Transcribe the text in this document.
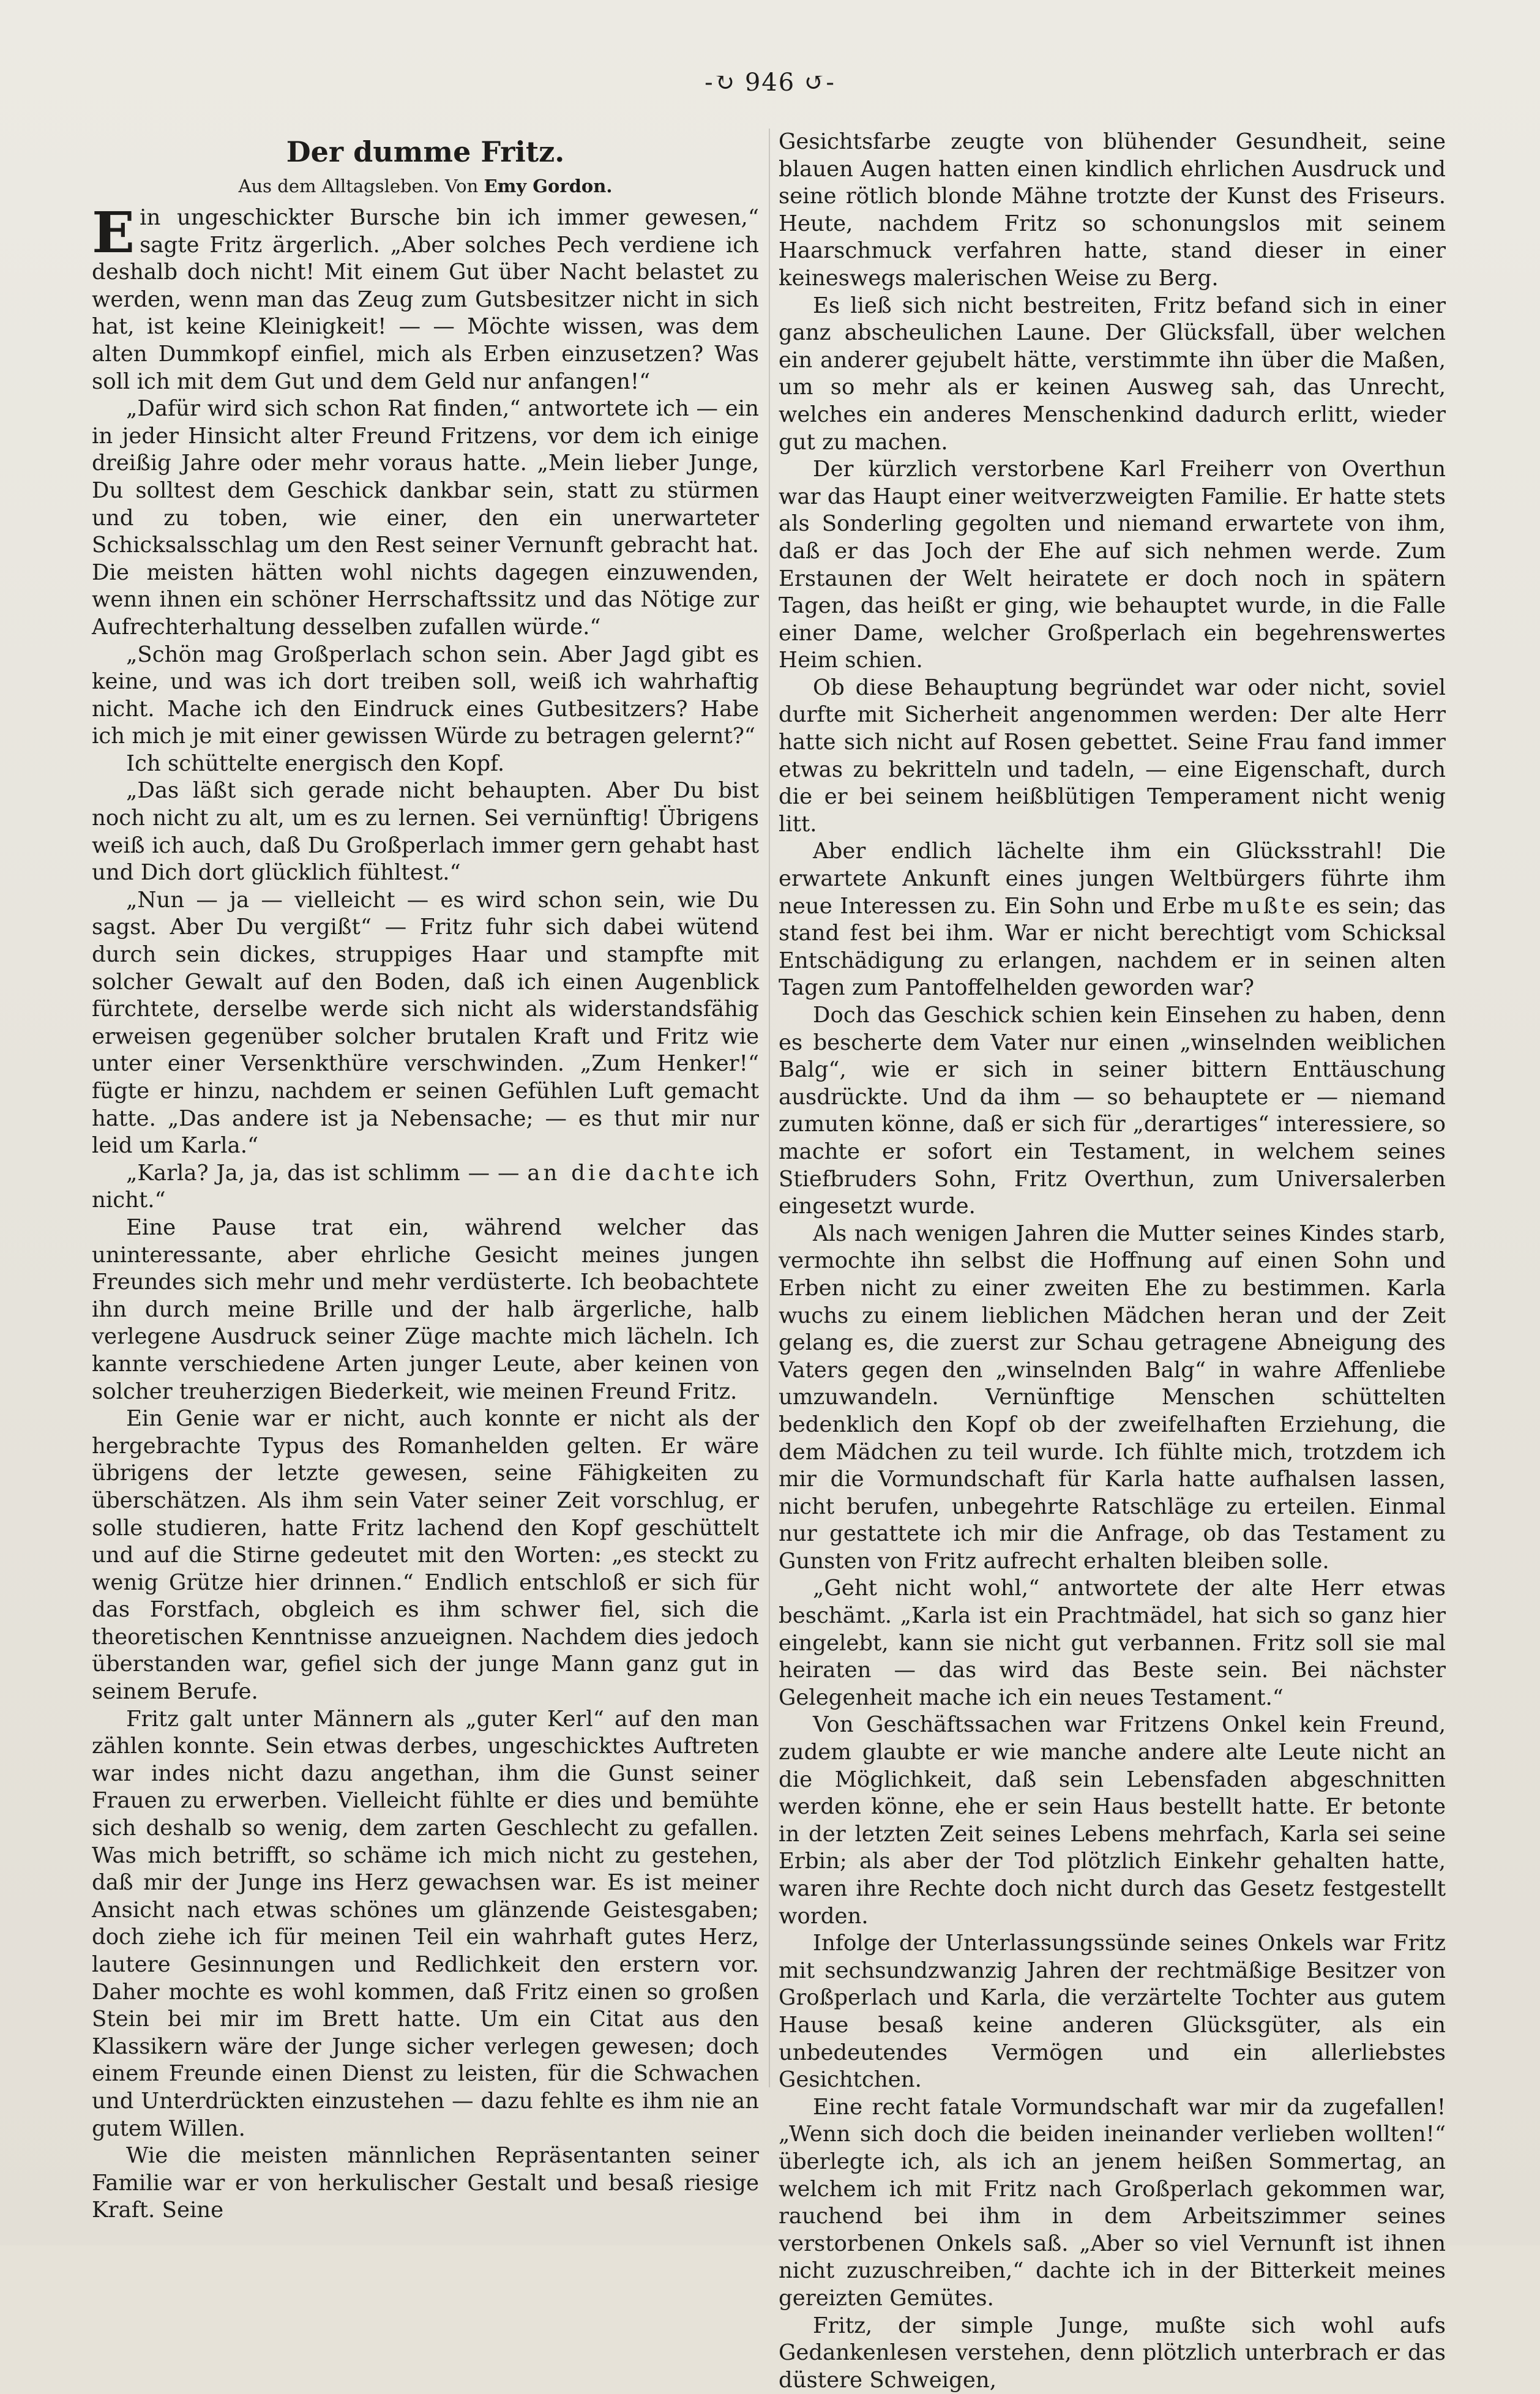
-↻ 946 ↺-
Der dumme Fritz.
Aus dem Alltagsleben. Von Emy Gordon.

Ein ungeschickter Bursche bin ich immer gewesen,“ sagte Fritz ärgerlich. „Aber solches Pech verdiene ich deshalb doch nicht! Mit einem Gut über Nacht belastet zu werden, wenn man das Zeug zum Gutsbesitzer nicht in sich hat, ist keine Kleinigkeit! — — Möchte wissen, was dem alten Dummkopf einfiel, mich als Erben einzusetzen? Was soll ich mit dem Gut und dem Geld nur anfangen!“

„Dafür wird sich schon Rat finden,“ antwortete ich — ein in jeder Hinsicht alter Freund Fritzens, vor dem ich einige dreißig Jahre oder mehr voraus hatte. „Mein lieber Junge, Du solltest dem Geschick dankbar sein, statt zu stürmen und zu toben, wie einer, den ein unerwarteter Schicksalsschlag um den Rest seiner Vernunft gebracht hat. Die meisten hätten wohl nichts dagegen einzuwenden, wenn ihnen ein schöner Herrschaftssitz und das Nötige zur Aufrechterhaltung desselben zufallen würde.“

„Schön mag Großperlach schon sein. Aber Jagd gibt es keine, und was ich dort treiben soll, weiß ich wahrhaftig nicht. Mache ich den Eindruck eines Gutbesitzers? Habe ich mich je mit einer gewissen Würde zu betragen gelernt?“

Ich schüttelte energisch den Kopf.

„Das läßt sich gerade nicht behaupten. Aber Du bist noch nicht zu alt, um es zu lernen. Sei vernünftig! Übrigens weiß ich auch, daß Du Großperlach immer gern gehabt hast und Dich dort glücklich fühltest.“

„Nun — ja — vielleicht — es wird schon sein, wie Du sagst. Aber Du vergißt“ — Fritz fuhr sich dabei wütend durch sein dickes, struppiges Haar und stampfte mit solcher Gewalt auf den Boden, daß ich einen Augenblick fürchtete, derselbe werde sich nicht als widerstandsfähig erweisen gegenüber solcher brutalen Kraft und Fritz wie unter einer Versenkthüre verschwinden. „Zum Henker!“ fügte er hinzu, nachdem er seinen Gefühlen Luft gemacht hatte. „Das andere ist ja Nebensache; — es thut mir nur leid um Karla.“

„Karla? Ja, ja, das ist schlimm — — an die dachte ich nicht.“

Eine Pause trat ein, während welcher das uninteressante, aber ehrliche Gesicht meines jungen Freundes sich mehr und mehr verdüsterte. Ich beobachtete ihn durch meine Brille und der halb ärgerliche, halb verlegene Ausdruck seiner Züge machte mich lächeln. Ich kannte verschiedene Arten junger Leute, aber keinen von solcher treuherzigen Biederkeit, wie meinen Freund Fritz.

Ein Genie war er nicht, auch konnte er nicht als der hergebrachte Typus des Romanhelden gelten. Er wäre übrigens der letzte gewesen, seine Fähigkeiten zu überschätzen. Als ihm sein Vater seiner Zeit vorschlug, er solle studieren, hatte Fritz lachend den Kopf geschüttelt und auf die Stirne gedeutet mit den Worten: „es steckt zu wenig Grütze hier drinnen.“ Endlich entschloß er sich für das Forstfach, obgleich es ihm schwer fiel, sich die theoretischen Kenntnisse anzueignen. Nachdem dies jedoch überstanden war, gefiel sich der junge Mann ganz gut in seinem Berufe.

Fritz galt unter Männern als „guter Kerl“ auf den man zählen konnte. Sein etwas derbes, ungeschicktes Auftreten war indes nicht dazu angethan, ihm die Gunst seiner Frauen zu erwerben. Vielleicht fühlte er dies und bemühte sich deshalb so wenig, dem zarten Geschlecht zu gefallen. Was mich betrifft, so schäme ich mich nicht zu gestehen, daß mir der Junge ins Herz gewachsen war. Es ist meiner Ansicht nach etwas schönes um glänzende Geistesgaben; doch ziehe ich für meinen Teil ein wahrhaft gutes Herz, lautere Gesinnungen und Redlichkeit den erstern vor. Daher mochte es wohl kommen, daß Fritz einen so großen Stein bei mir im Brett hatte. Um ein Citat aus den Klassikern wäre der Junge sicher verlegen gewesen; doch einem Freunde einen Dienst zu leisten, für die Schwachen und Unterdrückten einzustehen — dazu fehlte es ihm nie an gutem Willen.

Wie die meisten männlichen Repräsentanten seiner Familie war er von herkulischer Gestalt und besaß riesige Kraft. Seine

Gesichtsfarbe zeugte von blühender Gesundheit, seine blauen Augen hatten einen kindlich ehrlichen Ausdruck und seine rötlich blonde Mähne trotzte der Kunst des Friseurs. Heute, nachdem Fritz so schonungslos mit seinem Haarschmuck verfahren hatte, stand dieser in einer keineswegs malerischen Weise zu Berg.

Es ließ sich nicht bestreiten, Fritz befand sich in einer ganz abscheulichen Laune. Der Glücksfall, über welchen ein anderer gejubelt hätte, verstimmte ihn über die Maßen, um so mehr als er keinen Ausweg sah, das Unrecht, welches ein anderes Menschenkind dadurch erlitt, wieder gut zu machen.

Der kürzlich verstorbene Karl Freiherr von Overthun war das Haupt einer weitverzweigten Familie. Er hatte stets als Sonderling gegolten und niemand erwartete von ihm, daß er das Joch der Ehe auf sich nehmen werde. Zum Erstaunen der Welt heiratete er doch noch in spätern Tagen, das heißt er ging, wie behauptet wurde, in die Falle einer Dame, welcher Großperlach ein begehrenswertes Heim schien.

Ob diese Behauptung begründet war oder nicht, soviel durfte mit Sicherheit angenommen werden: Der alte Herr hatte sich nicht auf Rosen gebettet. Seine Frau fand immer etwas zu bekritteln und tadeln, — eine Eigenschaft, durch die er bei seinem heißblütigen Temperament nicht wenig litt.

Aber endlich lächelte ihm ein Glücksstrahl! Die erwartete Ankunft eines jungen Weltbürgers führte ihm neue Interessen zu. Ein Sohn und Erbe mußte es sein; das stand fest bei ihm. War er nicht berechtigt vom Schicksal Entschädigung zu erlangen, nachdem er in seinen alten Tagen zum Pantoffelhelden geworden war?

Doch das Geschick schien kein Einsehen zu haben, denn es bescherte dem Vater nur einen „winselnden weiblichen Balg“, wie er sich in seiner bittern Enttäuschung ausdrückte. Und da ihm — so behauptete er — niemand zumuten könne, daß er sich für „derartiges“ interessiere, so machte er sofort ein Testament, in welchem seines Stiefbruders Sohn, Fritz Overthun, zum Universalerben eingesetzt wurde.

Als nach wenigen Jahren die Mutter seines Kindes starb, vermochte ihn selbst die Hoffnung auf einen Sohn und Erben nicht zu einer zweiten Ehe zu bestimmen. Karla wuchs zu einem lieblichen Mädchen heran und der Zeit gelang es, die zuerst zur Schau getragene Abneigung des Vaters gegen den „winselnden Balg“ in wahre Affenliebe umzuwandeln. Vernünftige Menschen schüttelten bedenklich den Kopf ob der zweifelhaften Erziehung, die dem Mädchen zu teil wurde. Ich fühlte mich, trotzdem ich mir die Vormundschaft für Karla hatte aufhalsen lassen, nicht berufen, unbegehrte Ratschläge zu erteilen. Einmal nur gestattete ich mir die Anfrage, ob das Testament zu Gunsten von Fritz aufrecht erhalten bleiben solle.

„Geht nicht wohl,“ antwortete der alte Herr etwas beschämt. „Karla ist ein Prachtmädel, hat sich so ganz hier eingelebt, kann sie nicht gut verbannen. Fritz soll sie mal heiraten — das wird das Beste sein. Bei nächster Gelegenheit mache ich ein neues Testament.“

Von Geschäftssachen war Fritzens Onkel kein Freund, zudem glaubte er wie manche andere alte Leute nicht an die Möglichkeit, daß sein Lebensfaden abgeschnitten werden könne, ehe er sein Haus bestellt hatte. Er betonte in der letzten Zeit seines Lebens mehrfach, Karla sei seine Erbin; als aber der Tod plötzlich Einkehr gehalten hatte, waren ihre Rechte doch nicht durch das Gesetz festgestellt worden.

Infolge der Unterlassungssünde seines Onkels war Fritz mit sechsundzwanzig Jahren der rechtmäßige Besitzer von Großperlach und Karla, die verzärtelte Tochter aus gutem Hause besaß keine anderen Glücksgüter, als ein unbedeutendes Vermögen und ein allerliebstes Gesichtchen.

Eine recht fatale Vormundschaft war mir da zugefallen! „Wenn sich doch die beiden ineinander verlieben wollten!“ überlegte ich, als ich an jenem heißen Sommertag, an welchem ich mit Fritz nach Großperlach gekommen war, rauchend bei ihm in dem Arbeitszimmer seines verstorbenen Onkels saß. „Aber so viel Vernunft ist ihnen nicht zuzuschreiben,“ dachte ich in der Bitterkeit meines gereizten Gemütes.

Fritz, der simple Junge, mußte sich wohl aufs Gedankenlesen verstehen, denn plötzlich unterbrach er das düstere Schweigen,
